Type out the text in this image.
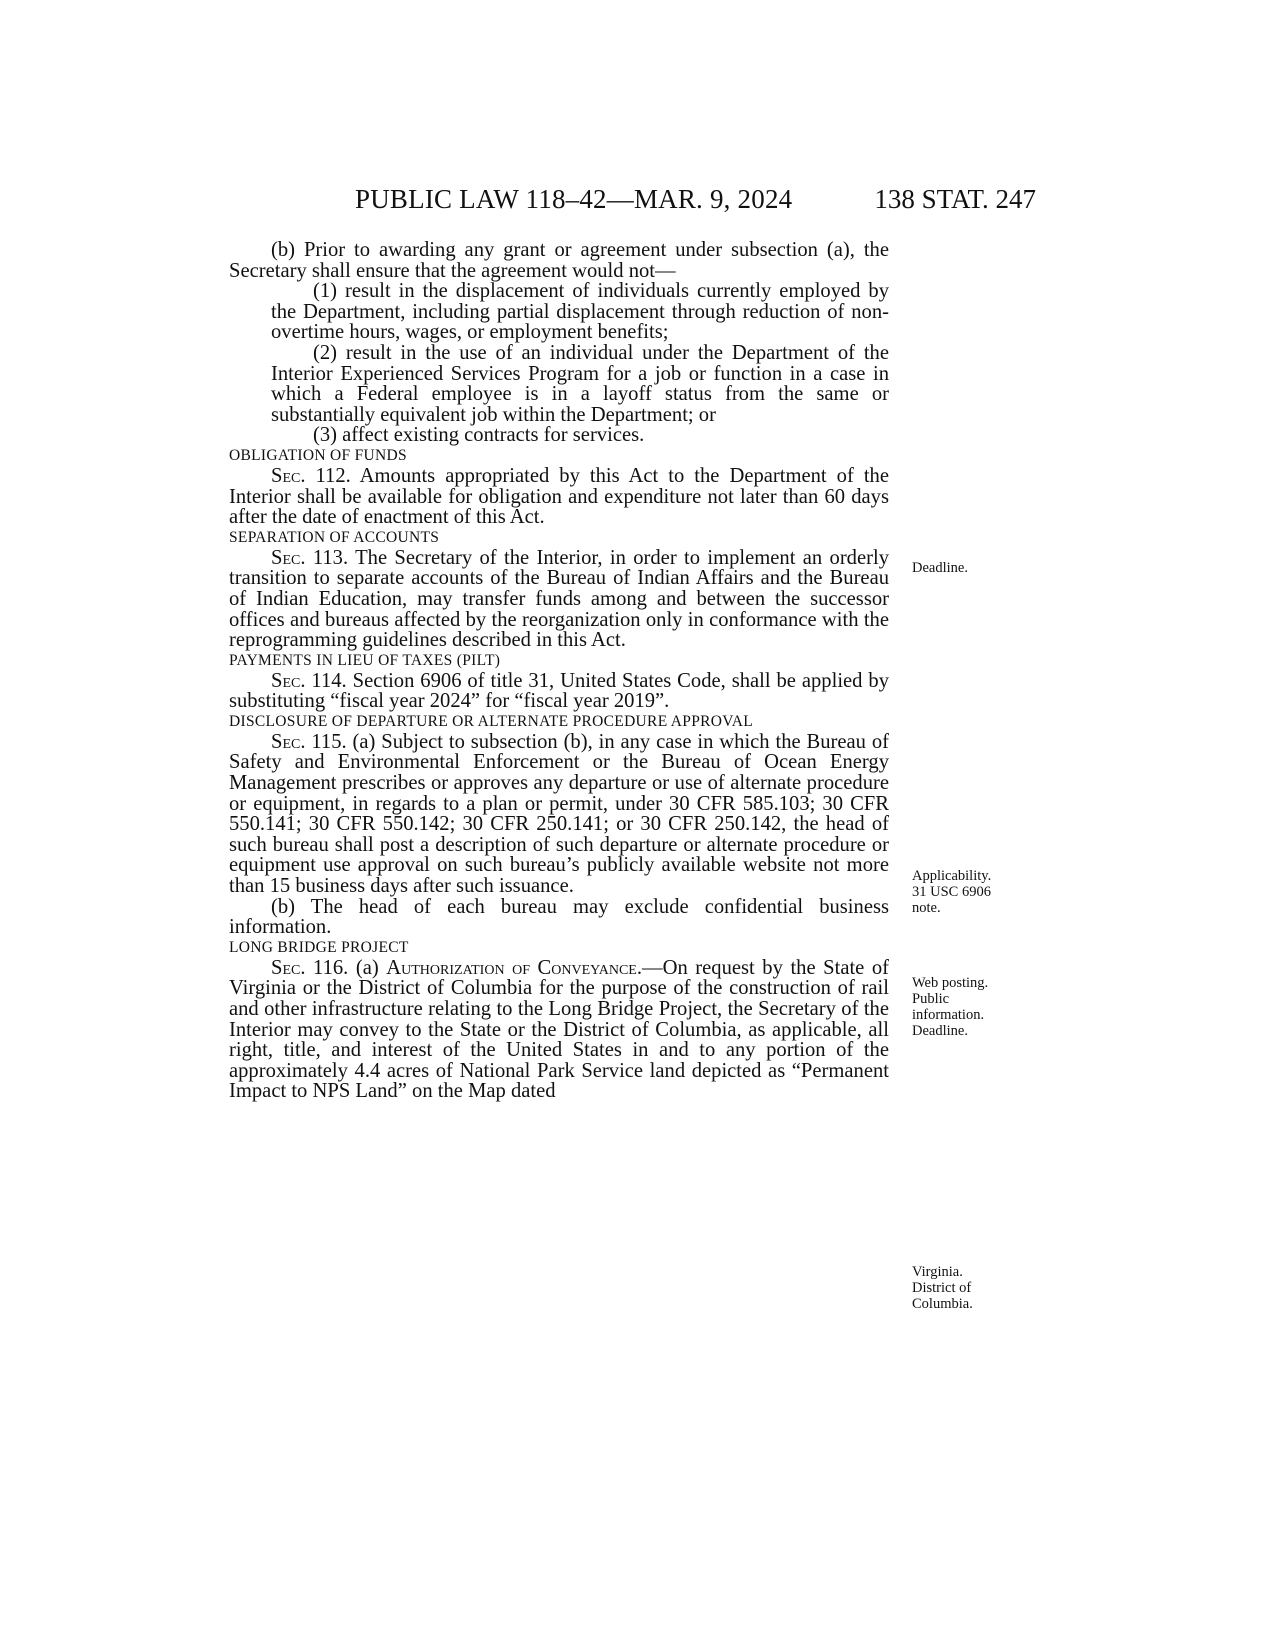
PUBLIC LAW 118–42—MAR. 9, 2024	138 STAT. 247

(b) Prior to awarding any grant or agreement under subsection (a), the Secretary shall ensure that the agreement would not—

(1) result in the displacement of individuals currently employed by the Department, including partial displacement through reduction of non-overtime hours, wages, or employment benefits;

(2) result in the use of an individual under the Department of the Interior Experienced Services Program for a job or function in a case in which a Federal employee is in a layoff status from the same or substantially equivalent job within the Department; or

(3) affect existing contracts for services.

OBLIGATION OF FUNDS

Sec. 112. Amounts appropriated by this Act to the Department of the Interior shall be available for obligation and expenditure not later than 60 days after the date of enactment of this Act.

SEPARATION OF ACCOUNTS

Sec. 113. The Secretary of the Interior, in order to implement an orderly transition to separate accounts of the Bureau of Indian Affairs and the Bureau of Indian Education, may transfer funds among and between the successor offices and bureaus affected by the reorganization only in conformance with the reprogramming guidelines described in this Act.

PAYMENTS IN LIEU OF TAXES (PILT)

Sec. 114. Section 6906 of title 31, United States Code, shall be applied by substituting “fiscal year 2024” for “fiscal year 2019”.

DISCLOSURE OF DEPARTURE OR ALTERNATE PROCEDURE APPROVAL

Sec. 115. (a) Subject to subsection (b), in any case in which the Bureau of Safety and Environmental Enforcement or the Bureau of Ocean Energy Management prescribes or approves any departure or use of alternate procedure or equipment, in regards to a plan or permit, under 30 CFR 585.103; 30 CFR 550.141; 30 CFR 550.142; 30 CFR 250.141; or 30 CFR 250.142, the head of such bureau shall post a description of such departure or alternate procedure or equipment use approval on such bureau’s publicly available website not more than 15 business days after such issuance.

(b) The head of each bureau may exclude confidential business information.

LONG BRIDGE PROJECT

Sec. 116. (a) Authorization of Conveyance.—On request by the State of Virginia or the District of Columbia for the purpose of the construction of rail and other infrastructure relating to the Long Bridge Project, the Secretary of the Interior may convey to the State or the District of Columbia, as applicable, all right, title, and interest of the United States in and to any portion of the approximately 4.4 acres of National Park Service land depicted as “Permanent Impact to NPS Land” on the Map dated

Deadline.
Applicability.
31 USC 6906
note.
Web posting.
Public
information.
Deadline.
Virginia.
District of
Columbia.
